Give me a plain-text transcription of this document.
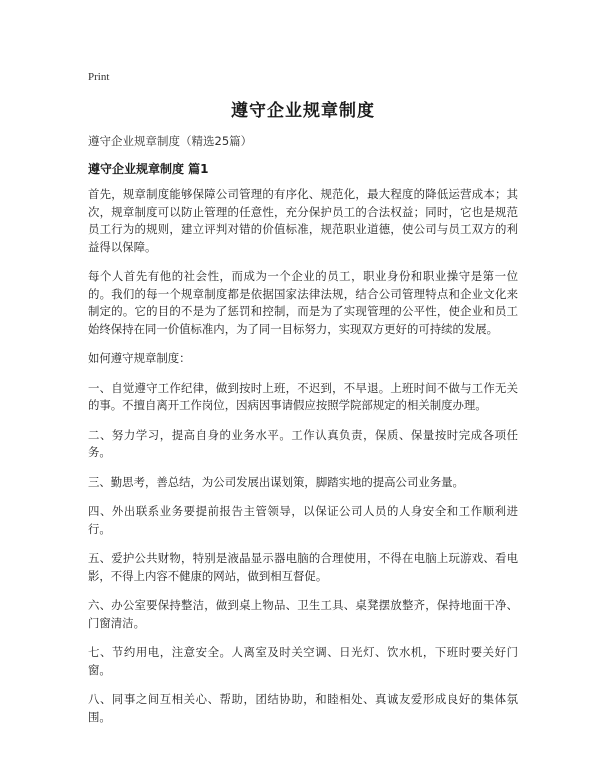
Print
遵守企业规章制度
遵守企业规章制度（精选25篇）
遵守企业规章制度 篇1

首先，规章制度能够保障公司管理的有序化、规范化，最大程度的降低运营成本；其次，规章制度可以防止管理的任意性，充分保护员工的合法权益；同时，它也是规范员工行为的规则，建立评判对错的价值标准，规范职业道德，使公司与员工双方的利益得以保障。

每个人首先有他的社会性，而成为一个企业的员工，职业身份和职业操守是第一位的。我们的每一个规章制度都是依据国家法律法规，结合公司管理特点和企业文化来制定的。它的目的不是为了惩罚和控制，而是为了实现管理的公平性，使企业和员工始终保持在同一价值标准内，为了同一目标努力，实现双方更好的可持续的发展。

如何遵守规章制度：

一、自觉遵守工作纪律，做到按时上班，不迟到，不早退。上班时间不做与工作无关的事。不擅自离开工作岗位，因病因事请假应按照学院部规定的相关制度办理。

二、努力学习，提高自身的业务水平。工作认真负责，保质、保量按时完成各项任务。

三、勤思考，善总结，为公司发展出谋划策，脚踏实地的提高公司业务量。

四、外出联系业务要提前报告主管领导，以保证公司人员的人身安全和工作顺利进行。

五、爱护公共财物，特别是液晶显示器电脑的合理使用，不得在电脑上玩游戏、看电影，不得上内容不健康的网站，做到相互督促。

六、办公室要保持整洁，做到桌上物品、卫生工具、桌凳摆放整齐，保持地面干净、门窗清洁。

七、节约用电，注意安全。人离室及时关空调、日光灯、饮水机，下班时要关好门窗。

八、同事之间互相关心、帮助，团结协助，和睦相处、真诚友爱形成良好的集体氛围。
